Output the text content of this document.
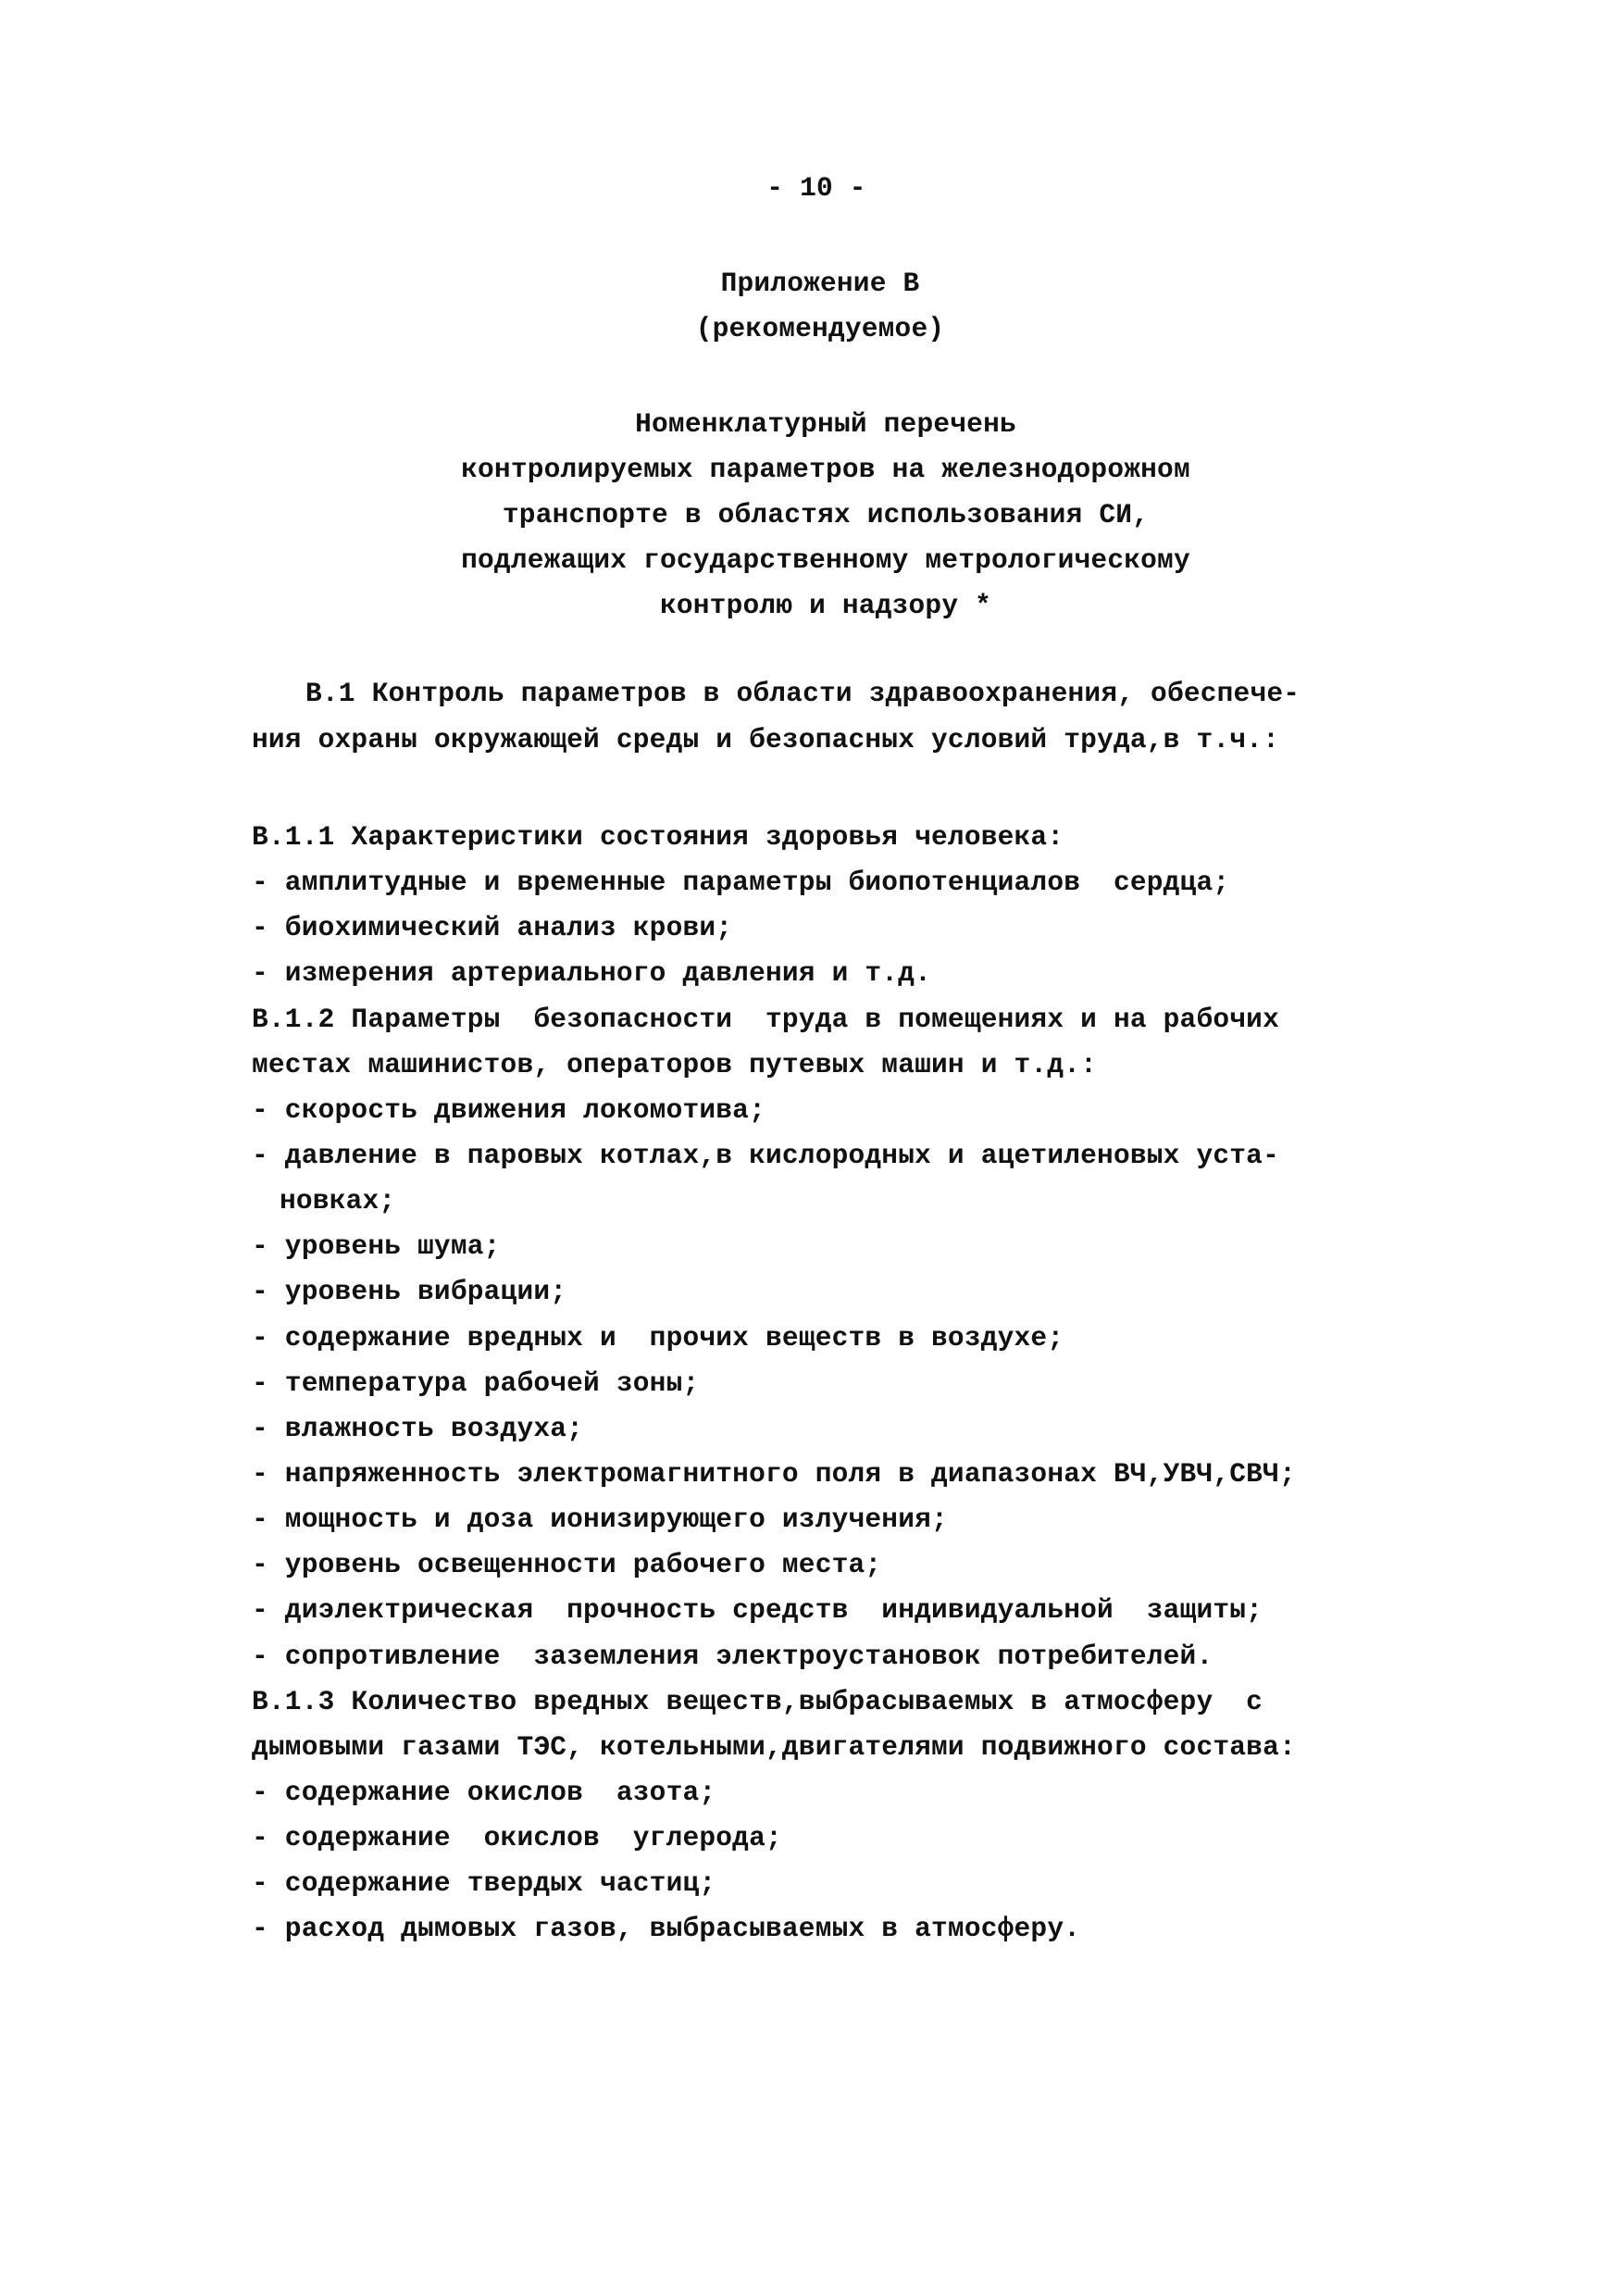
- 10 -
Приложение В
(рекомендуемое)
Номенклатурный перечень
контролируемых параметров на железнодорожном
транспорте в областях использования СИ,
подлежащих государственному метрологическому
контролю и надзору *
В.1 Контроль параметров в области здравоохранения, обеспече-
ния охраны окружающей среды и безопасных условий труда,в т.ч.:
В.1.1 Характеристики состояния здоровья человека:
- амплитудные и временные параметры биопотенциалов  сердца;
- биохимический анализ крови;
- измерения артериального давления и т.д.
В.1.2 Параметры  безопасности  труда в помещениях и на рабочих
местах машинистов, операторов путевых машин и т.д.:
- скорость движения локомотива;
- давление в паровых котлах,в кислородных и ацетиленовых уста-
новках;
- уровень шума;
- уровень вибрации;
- содержание вредных и  прочих веществ в воздухе;
- температура рабочей зоны;
- влажность воздуха;
- напряженность электромагнитного поля в диапазонах ВЧ,УВЧ,СВЧ;
- мощность и доза ионизирующего излучения;
- уровень освещенности рабочего места;
- диэлектрическая  прочность средств  индивидуальной  защиты;
- сопротивление  заземления электроустановок потребителей.
В.1.3 Количество вредных веществ,выбрасываемых в атмосферу  с
дымовыми газами ТЭС, котельными,двигателями подвижного состава:
- содержание окислов  азота;
- содержание  окислов  углерода;
- содержание твердых частиц;
- расход дымовых газов, выбрасываемых в атмосферу.
